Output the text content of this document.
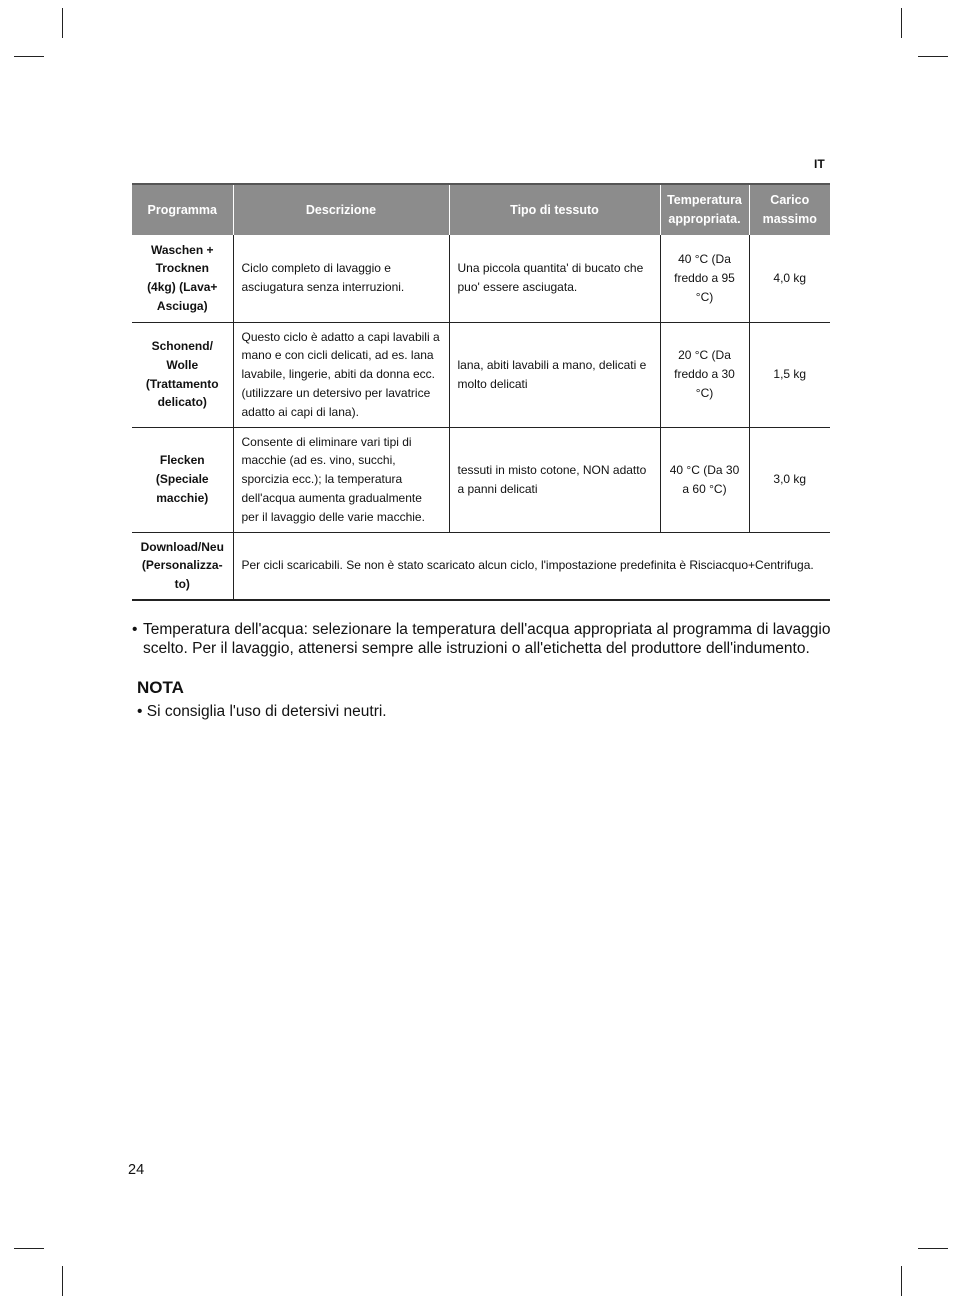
IT
Programma	Descrizione	Tipo di tessuto	Temperatura appropriata.	Carico massimo
Waschen + Trocknen (4kg) (Lava+ Asciuga)	Ciclo completo di lavaggio e asciugatura senza interruzioni.	Una piccola quantita' di bucato che puo' essere asciugata.	40 °C (Da freddo a 95 °C)	4,0 kg
Schonend/ Wolle (Trattamento delicato)	Questo ciclo è adatto a capi lavabili a mano e con cicli delicati, ad es. lana lavabile, lingerie, abiti da donna ecc. (utilizzare un detersivo per lavatrice adatto ai capi di lana).	lana, abiti lavabili a mano, delicati e molto delicati	20 °C (Da freddo a 30 °C)	1,5 kg
Flecken (Speciale macchie)	Consente di eliminare vari tipi di macchie (ad es. vino, succhi, sporcizia ecc.); la temperatura dell'acqua aumenta gradualmente per il lavaggio delle varie macchie.	tessuti in misto cotone, NON adatto a panni delicati	40 °C (Da 30 a 60 °C)	3,0 kg
Download/Neu (Personalizza-to)	Per cicli scaricabili. Se non è stato scaricato alcun ciclo, l'impostazione predefinita è Risciacquo+Centrifuga.			
• Temperatura dell'acqua: selezionare la temperatura dell'acqua appropriata al programma di lavaggio scelto. Per il lavaggio, attenersi sempre alle istruzioni o all'etichetta del produttore dell'indumento.
NOTA
• Si consiglia l'uso di detersivi neutri.
24
